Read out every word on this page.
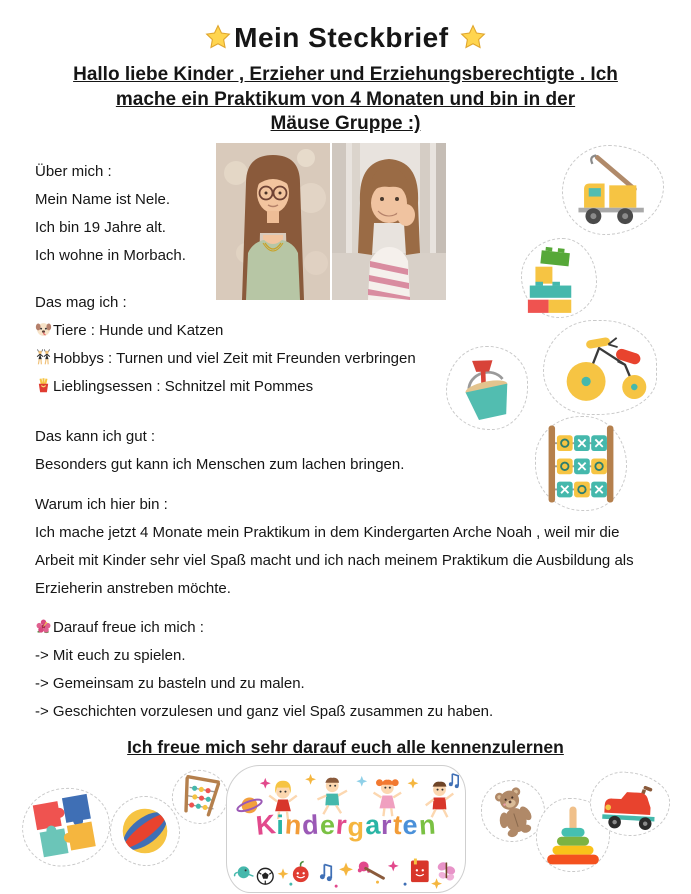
Mein Steckbrief
Hallo liebe Kinder , Erzieher und Erziehungsberechtigte . Ich
mache ein Praktikum von 4 Monaten und bin in der
Mäuse Gruppe :)
Über mich :
Mein Name ist Nele.
Ich bin 19 Jahre alt.
Ich wohne in Morbach.
Das mag ich :
Tiere : Hunde und Katzen
Hobbys : Turnen und viel Zeit mit Freunden verbringen
Lieblingsessen : Schnitzel mit Pommes
Das kann ich gut :
Besonders gut kann ich Menschen zum lachen bringen.
Warum ich hier bin :
Ich mache jetzt 4 Monate mein Praktikum in dem Kindergarten Arche Noah , weil mir die Arbeit mit Kinder sehr viel Spaß macht und ich nach meinem Praktikum die Ausbildung als Erzieherin anstreben möchte.
Darauf freue ich mich :
-> Mit euch zu spielen.
-> Gemeinsam zu basteln und zu malen.
-> Geschichten vorzulesen und ganz viel Spaß zusammen zu haben.
Ich freue mich sehr darauf euch alle kennenzulernen
Kindergarten
